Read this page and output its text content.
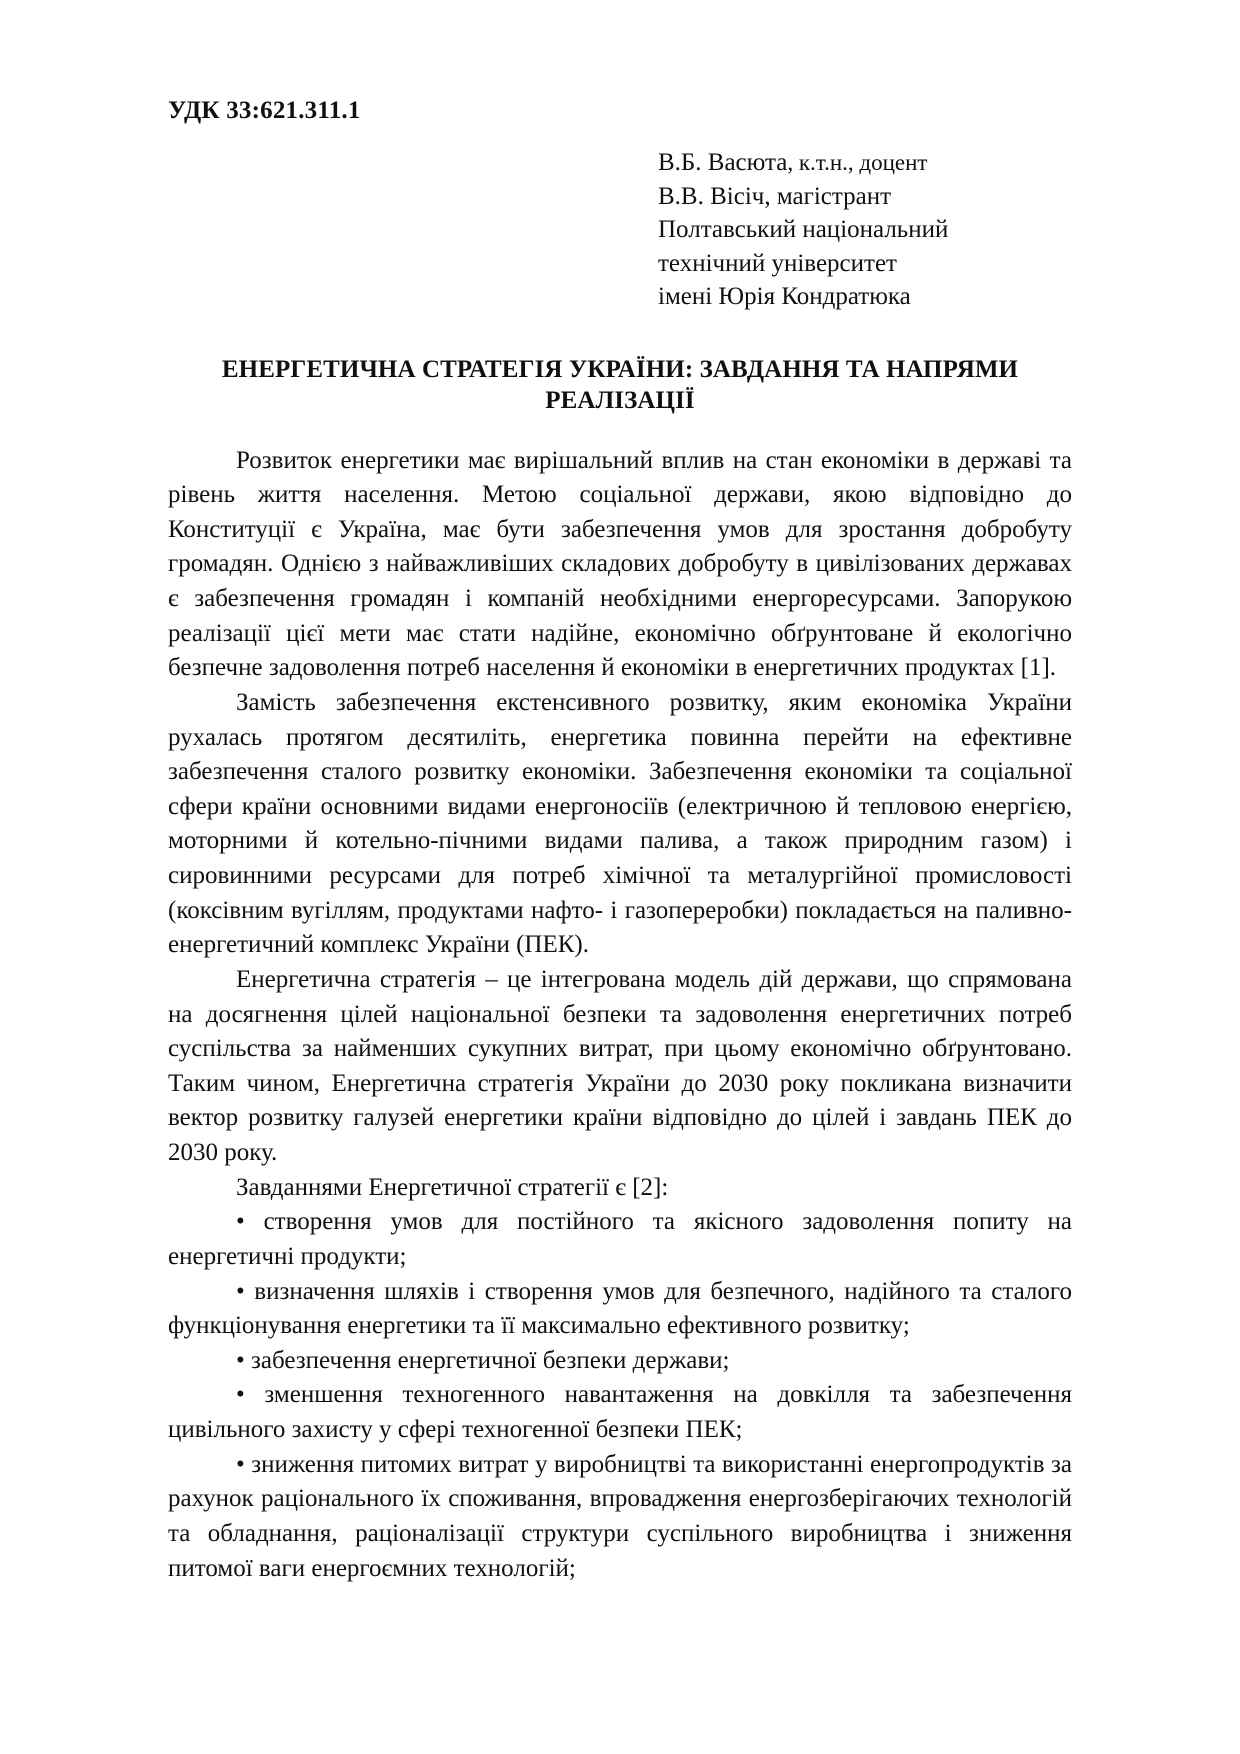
УДК 33:621.311.1
В.Б. Васюта, к.т.н., доцент
В.В. Вісіч, магістрант
Полтавський національний
технічний університет
імені Юрія Кондратюка
ЕНЕРГЕТИЧНА СТРАТЕГІЯ УКРАЇНИ: ЗАВДАННЯ ТА НАПРЯМИ
РЕАЛІЗАЦІЇ

Розвиток енергетики має вирішальний вплив на стан економіки в державі та рівень життя населення. Метою соціальної держави, якою відповідно до Конституції є Україна, має бути забезпечення умов для зростання добробуту громадян. Однією з найважливіших складових добробуту в цивілізованих державах є забезпечення громадян і компаній необхідними енергоресурсами. Запорукою реалізації цієї мети має стати надійне, економічно обґрунтоване й екологічно безпечне задоволення потреб населення й економіки в енергетичних продуктах [1].

Замість забезпечення екстенсивного розвитку, яким економіка України рухалась протягом десятиліть, енергетика повинна перейти на ефективне забезпечення сталого розвитку економіки. Забезпечення економіки та соціальної сфери країни основними видами енергоносіїв (електричною й тепловою енергією, моторними й котельно-пічними видами палива, а також природним газом) і сировинними ресурсами для потреб хімічної та металургійної промисловості (коксівним вугіллям, продуктами нафто- і газопереробки) покладається на паливно-енергетичний комплекс України (ПЕК).

Енергетична стратегія – це інтегрована модель дій держави, що спрямована на досягнення цілей національної безпеки та задоволення енергетичних потреб суспільства за найменших сукупних витрат, при цьому економічно обґрунтовано. Таким чином, Енергетична стратегія України до 2030 року покликана визначити вектор розвитку галузей енергетики країни відповідно до цілей і завдань ПЕК до 2030 року.

Завданнями Енергетичної стратегії є [2]:

• створення умов для постійного та якісного задоволення попиту на енергетичні продукти;

• визначення шляхів і створення умов для безпечного, надійного та сталого функціонування енергетики та її максимально ефективного розвитку;

• забезпечення енергетичної безпеки держави;

• зменшення техногенного навантаження на довкілля та забезпечення цивільного захисту у сфері техногенної безпеки ПЕК;

• зниження питомих витрат у виробництві та використанні енергопродуктів за рахунок раціонального їх споживання, впровадження енергозберігаючих технологій та обладнання, раціоналізації структури суспільного виробництва і зниження питомої ваги енергоємних технологій;
